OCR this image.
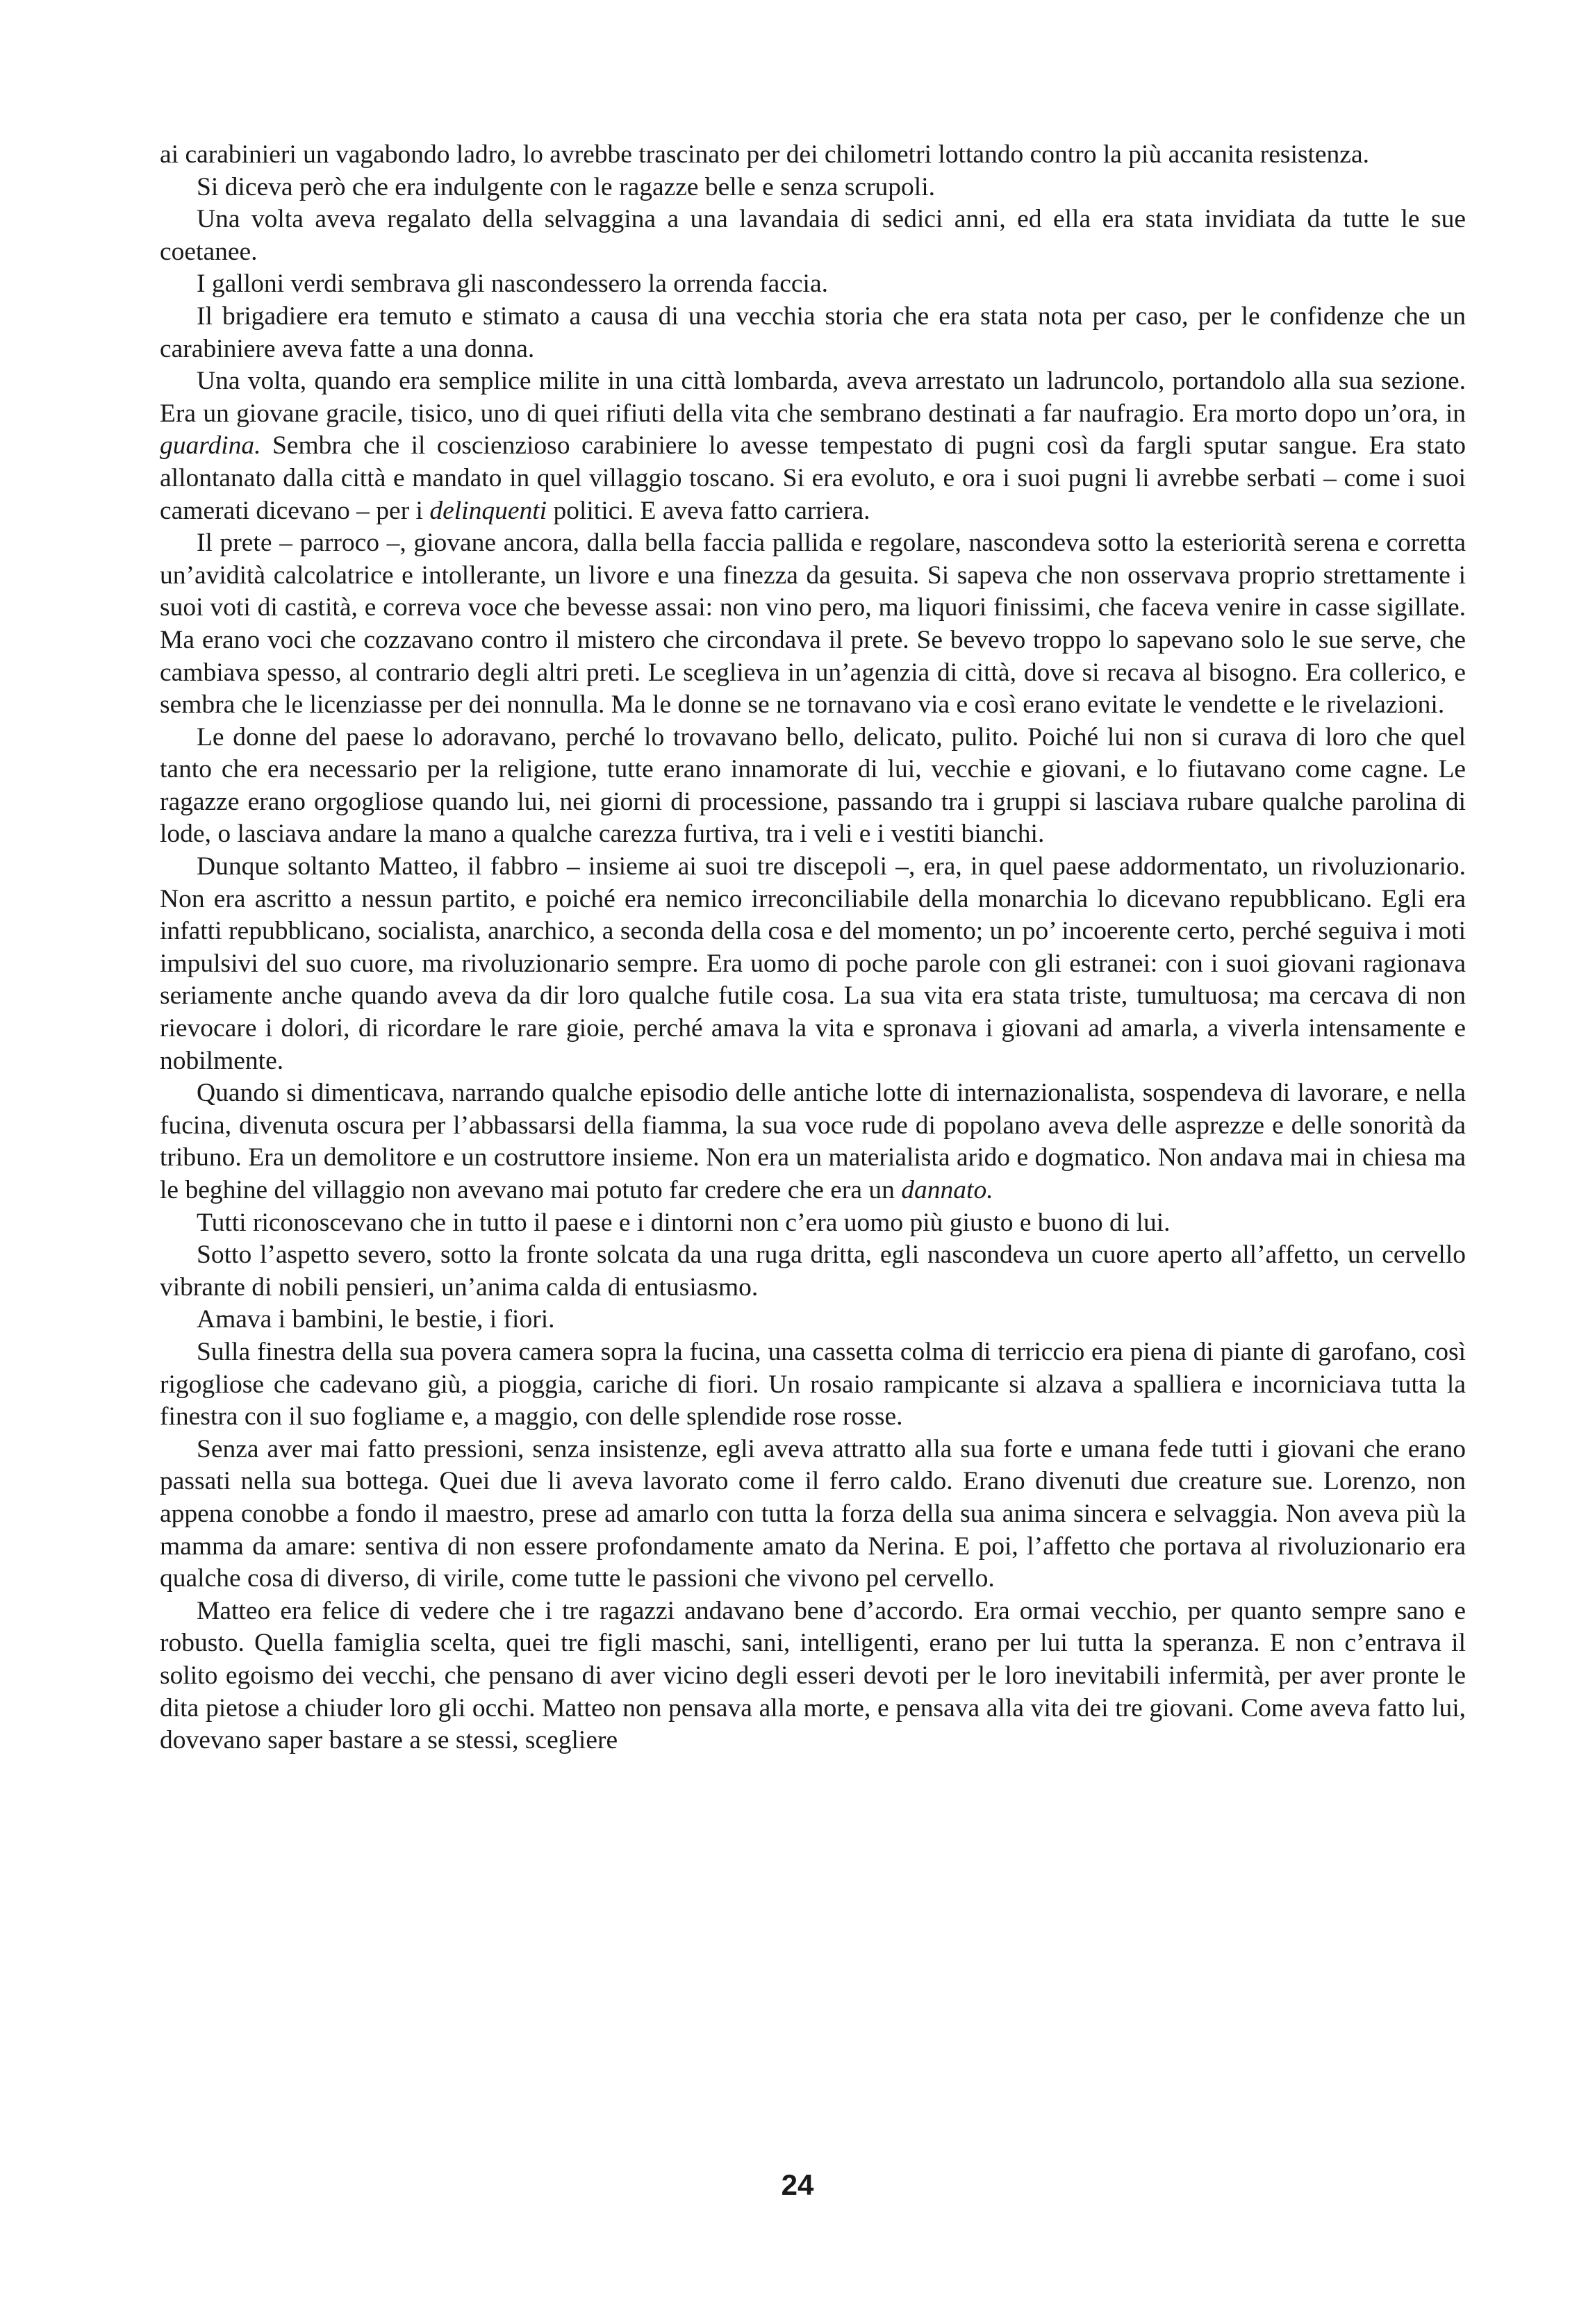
ai carabinieri un vagabondo ladro, lo avrebbe trascinato per dei chilometri lottando contro la più accanita resistenza.

Si diceva però che era indulgente con le ragazze belle e senza scrupoli.

Una volta aveva regalato della selvaggina a una lavandaia di sedici anni, ed ella era stata invidiata da tutte le sue coetanee.

I galloni verdi sembrava gli nascondessero la orrenda faccia.

Il brigadiere era temuto e stimato a causa di una vecchia storia che era stata nota per caso, per le confidenze che un carabiniere aveva fatte a una donna.

Una volta, quando era semplice milite in una città lombarda, aveva arrestato un ladruncolo, portandolo alla sua sezione. Era un giovane gracile, tisico, uno di quei rifiuti della vita che sembrano destinati a far naufragio. Era morto dopo un’ora, in guardina. Sembra che il coscienzioso carabiniere lo avesse tempestato di pugni così da fargli sputar sangue. Era stato allontanato dalla città e mandato in quel villaggio toscano. Si era evoluto, e ora i suoi pugni li avrebbe serbati – come i suoi camerati dicevano – per i delinquenti politici. E aveva fatto carriera.

Il prete – parroco –, giovane ancora, dalla bella faccia pallida e regolare, nascondeva sotto la esteriorità serena e corretta un’avidità calcolatrice e intollerante, un livore e una finezza da gesuita. Si sapeva che non osservava proprio strettamente i suoi voti di castità, e correva voce che bevesse assai: non vino pero, ma liquori finissimi, che faceva venire in casse sigillate. Ma erano voci che cozzavano contro il mistero che circondava il prete. Se bevevo troppo lo sapevano solo le sue serve, che cambiava spesso, al contrario degli altri preti. Le sceglieva in un’agenzia di città, dove si recava al bisogno. Era collerico, e sembra che le licenziasse per dei nonnulla. Ma le donne se ne tornavano via e così erano evitate le vendette e le rivelazioni.

Le donne del paese lo adoravano, perché lo trovavano bello, delicato, pulito. Poiché lui non si curava di loro che quel tanto che era necessario per la religione, tutte erano innamorate di lui, vecchie e giovani, e lo fiutavano come cagne. Le ragazze erano orgogliose quando lui, nei giorni di processione, passando tra i gruppi si lasciava rubare qualche parolina di lode, o lasciava andare la mano a qualche carezza furtiva, tra i veli e i vestiti bianchi.

Dunque soltanto Matteo, il fabbro – insieme ai suoi tre discepoli –, era, in quel paese addormentato, un rivoluzionario. Non era ascritto a nessun partito, e poiché era nemico irreconciliabile della monarchia lo dicevano repubblicano. Egli era infatti repubblicano, socialista, anarchico, a seconda della cosa e del momento; un po’ incoerente certo, perché seguiva i moti impulsivi del suo cuore, ma rivoluzionario sempre. Era uomo di poche parole con gli estranei: con i suoi giovani ragionava seriamente anche quando aveva da dir loro qualche futile cosa. La sua vita era stata triste, tumultuosa; ma cercava di non rievocare i dolori, di ricordare le rare gioie, perché amava la vita e spronava i giovani ad amarla, a viverla intensamente e nobilmente.

Quando si dimenticava, narrando qualche episodio delle antiche lotte di internazionalista, sospendeva di lavorare, e nella fucina, divenuta oscura per l’abbassarsi della fiamma, la sua voce rude di popolano aveva delle asprezze e delle sonorità da tribuno. Era un demolitore e un costruttore insieme. Non era un materialista arido e dogmatico. Non andava mai in chiesa ma le beghine del villaggio non avevano mai potuto far credere che era un dannato.

Tutti riconoscevano che in tutto il paese e i dintorni non c’era uomo più giusto e buono di lui.

Sotto l’aspetto severo, sotto la fronte solcata da una ruga dritta, egli nascondeva un cuore aperto all’affetto, un cervello vibrante di nobili pensieri, un’anima calda di entusiasmo.

Amava i bambini, le bestie, i fiori.

Sulla finestra della sua povera camera sopra la fucina, una cassetta colma di terriccio era piena di piante di garofano, così rigogliose che cadevano giù, a pioggia, cariche di fiori. Un rosaio rampicante si alzava a spalliera e incorniciava tutta la finestra con il suo fogliame e, a maggio, con delle splendide rose rosse.

Senza aver mai fatto pressioni, senza insistenze, egli aveva attratto alla sua forte e umana fede tutti i giovani che erano passati nella sua bottega. Quei due li aveva lavorato come il ferro caldo. Erano divenuti due creature sue. Lorenzo, non appena conobbe a fondo il maestro, prese ad amarlo con tutta la forza della sua anima sincera e selvaggia. Non aveva più la mamma da amare: sentiva di non essere profondamente amato da Nerina. E poi, l’affetto che portava al rivoluzionario era qualche cosa di diverso, di virile, come tutte le passioni che vivono pel cervello.

Matteo era felice di vedere che i tre ragazzi andavano bene d’accordo. Era ormai vecchio, per quanto sempre sano e robusto. Quella famiglia scelta, quei tre figli maschi, sani, intelligenti, erano per lui tutta la speranza. E non c’entrava il solito egoismo dei vecchi, che pensano di aver vicino degli esseri devoti per le loro inevitabili infermità, per aver pronte le dita pietose a chiuder loro gli occhi. Matteo non pensava alla morte, e pensava alla vita dei tre giovani. Come aveva fatto lui, dovevano saper bastare a se stessi, scegliere

24
